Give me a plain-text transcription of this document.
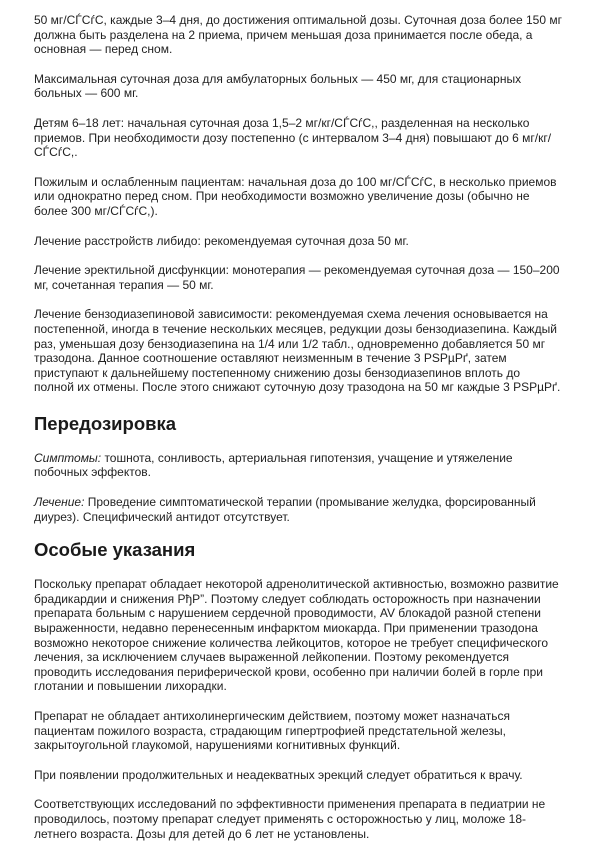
50 мг/СЃСѓС, каждые 3–4 дня, до достижения оптимальной дозы. Суточная доза более 150 мг должна быть разделена на 2 приема, причем меньшая доза принимается после обеда, а основная — перед сном.

Максимальная суточная доза для амбулаторных больных — 450 мг, для стационарных больных — 600 мг.

Детям 6–18 лет: начальная суточная доза 1,5–2 мг/кг/СЃСѓС,, разделенная на несколько приемов. При необходимости дозу постепенно (с интервалом 3–4 дня) повышают до 6 мг/кг/СЃСѓС,.

Пожилым и ослабленным пациентам: начальная доза до 100 мг/СЃСѓС, в несколько приемов или однократно перед сном. При необходимости возможно увеличение дозы (обычно не более 300 мг/СЃСѓС,).

Лечение расстройств либидо: рекомендуемая суточная доза 50 мг.

Лечение эректильной дисфункции: монотерапия — рекомендуемая суточная доза — 150–200 мг, сочетанная терапия — 50 мг.

Лечение бензодиазепиновой зависимости: рекомендуемая схема лечения основывается на постепенной, иногда в течение нескольких месяцев, редукции дозы бензодиазепина. Каждый раз, уменьшая дозу бензодиазепина на 1/4 или 1/2 табл., одновременно добавляется 50 мг тразодона. Данное соотношение оставляют неизменным в течение 3 РЅРµРґ, затем приступают к дальнейшему постепенному снижению дозы бензодиазепинов вплоть до полной их отмены. После этого снижают суточную дозу тразодона на 50 мг каждые 3 РЅРµРґ.

Передозировка

Симптомы: тошнота, сонливость, артериальная гипотензия, учащение и утяжеление побочных эффектов.

Лечение: Проведение симптоматической терапии (промывание желудка, форсированный диурез). Специфический антидот отсутствует.

Особые указания

Поскольку препарат обладает некоторой адренолитической активностью, возможно развитие брадикардии и снижения РђР”. Поэтому следует соблюдать осторожность при назначении препарата больным с нарушением сердечной проводимости, AV блокадой разной степени выраженности, недавно перенесенным инфарктом миокарда. При применении тразодона возможно некоторое снижение количества лейкоцитов, которое не требует специфического лечения, за исключением случаев выраженной лейкопении. Поэтому рекомендуется проводить исследования периферической крови, особенно при наличии болей в горле при глотании и повышении лихорадки.

Препарат не обладает антихолинергическим действием, поэтому может назначаться пациентам пожилого возраста, страдающим гипертрофией предстательной железы, закрытоугольной глаукомой, нарушениями когнитивных функций.

При появлении продолжительных и неадекватных эрекций следует обратиться к врачу.

Соответствующих исследований по эффективности применения препарата в педиатрии не проводилось, поэтому препарат следует применять с осторожностью у лиц, моложе 18-летнего возраста. Дозы для детей до 6 лет не установлены.
